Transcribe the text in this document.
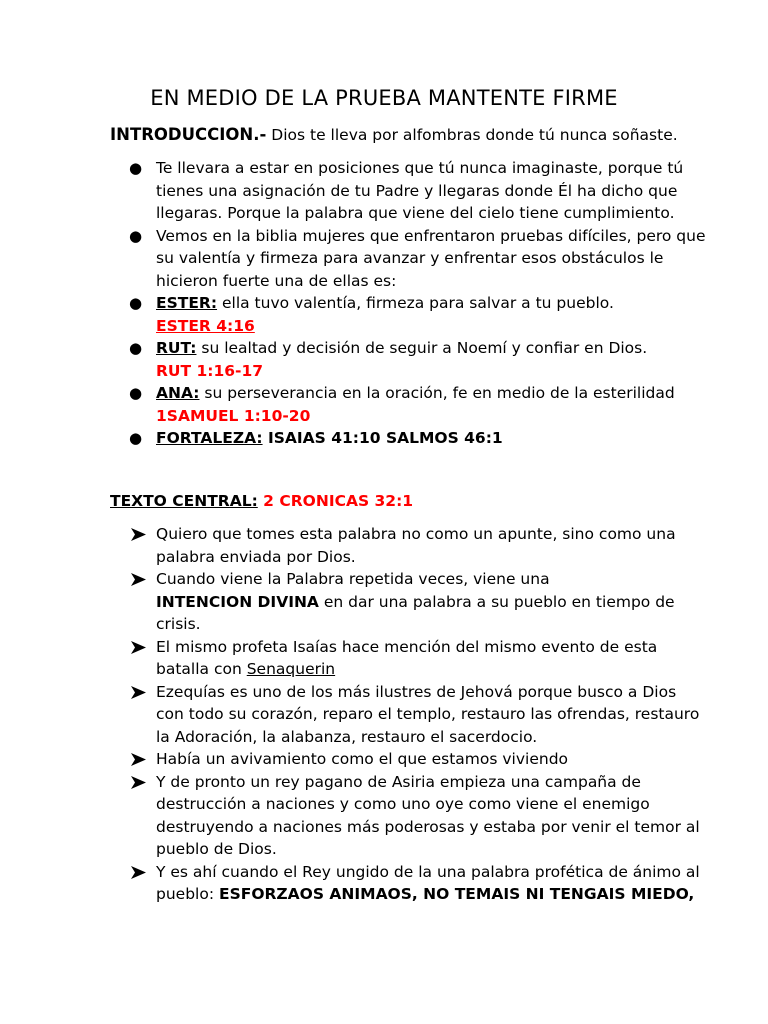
EN MEDIO DE LA PRUEBA MANTENTE FIRME
INTRODUCCION.- Dios te lleva por alfombras donde tú nunca soñaste.
● Te llevara a estar en posiciones que tú nunca imaginaste, porque tú tienes una asignación de tu Padre y llegaras donde Él ha dicho que llegaras. Porque la palabra que viene del cielo tiene cumplimiento.
● Vemos en la biblia mujeres que enfrentaron pruebas difíciles, pero que su valentía y firmeza para avanzar y enfrentar esos obstáculos le hicieron fuerte una de ellas es:
● ESTER: ella tuvo valentía, firmeza para salvar a tu pueblo.
ESTER 4:16
● RUT: su lealtad y decisión de seguir a Noemí y confiar en Dios.
RUT 1:16-17
● ANA: su perseverancia en la oración, fe en medio de la esterilidad
1SAMUEL 1:10-20
● FORTALEZA: ISAIAS 41:10 SALMOS 46:1
TEXTO CENTRAL: 2 CRONICAS 32:1
Quiero que tomes esta palabra no como un apunte, sino como una palabra enviada por Dios.
Cuando viene la Palabra repetida veces, viene una
INTENCION DIVINA en dar una palabra a su pueblo en tiempo de crisis.
El mismo profeta Isaías hace mención del mismo evento de esta batalla con Senaquerin
Ezequías es uno de los más ilustres de Jehová porque busco a Dios con todo su corazón, reparo el templo, restauro las ofrendas, restauro la Adoración, la alabanza, restauro el sacerdocio.
Había un avivamiento como el que estamos viviendo
Y de pronto un rey pagano de Asiria empieza una campaña de destrucción a naciones y como uno oye como viene el enemigo destruyendo a naciones más poderosas y estaba por venir el temor al pueblo de Dios.
Y es ahí cuando el Rey ungido de la una palabra profética de ánimo al pueblo: ESFORZAOS ANIMAOS, NO TEMAIS NI TENGAIS MIEDO,
